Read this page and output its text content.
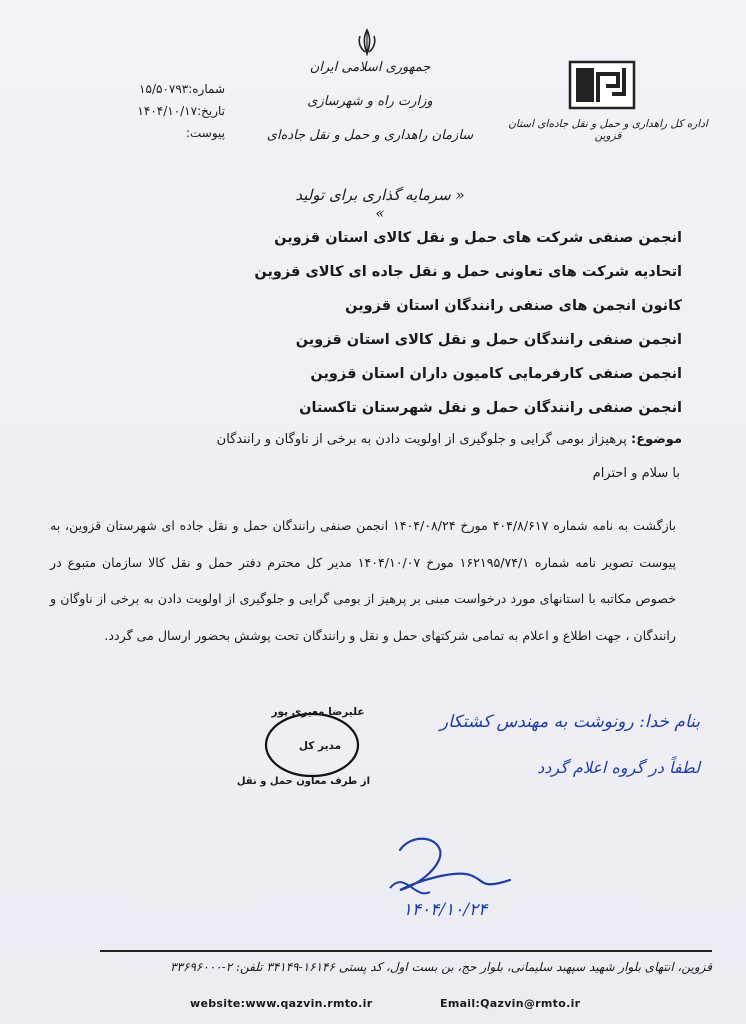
شماره:۱۵/۵۰۷۹۳
تاریخ:۱۴۰۴/۱۰/۱۷
پیوست:
جمهوری اسلامی ایران
وزارت راه و شهرسازی
سازمان راهداری و حمل و نقل جاده‌ای
اداره کل راهداری و حمل و نقل جاده‌ای استان قزوین
« سرمایه گذاری برای تولید »
انجمن صنفی شرکت های حمل و نقل کالای استان قزوین
اتحادیه شرکت های تعاونی حمل و نقل جاده ای کالای قزوین
کانون انجمن های صنفی رانندگان استان قزوین
انجمن صنفی رانندگان حمل و نقل کالای استان قزوین
انجمن صنفی کارفرمایی کامیون داران استان قزوین
انجمن صنفی رانندگان حمل و نقل شهرستان تاکستان
موضوع: پرهیزاز بومی گرایی و جلوگیری از اولویت دادن به برخی از ناوگان و رانندگان
با سلام و احترام
بازگشت به نامه شماره ۴۰۴/۸/۶۱۷ مورخ ۱۴۰۴/۰۸/۲۴ انجمن صنفی رانندگان حمل و نقل جاده ای شهرستان قزوین، به پیوست تصویر نامه شماره ۱۶۲۱۹۵/۷۴/۱ مورخ ۱۴۰۴/۱۰/۰۷ مدیر کل محترم دفتر حمل و نقل کالا سازمان متبوع در خصوص مکاتبه با استانهای مورد درخواست مبنی بر پرهیز از بومی گرایی و جلوگیری از اولویت دادن به برخی از ناوگان و رانندگان ، جهت اطلاع و اعلام به تمامی شرکتهای حمل و نقل و رانندگان تحت پوشش بحضور ارسال می گردد.
علیرضا معیری پور
مدیر کل
از طرف معاون حمل و نقل
بنام خدا: رونوشت به مهندس کشتکار
لطفاً در گروه اعلام گردد
۱۴۰۴/۱۰/۲۴
قزوین، انتهای بلوار شهید سپهبد سلیمانی، بلوار حج، بن بست اول، کد پستی ۱۶۱۴۶-۳۴۱۴۹ تلفن: ۲-۳۳۶۹۶۰۰۰
website:www.qazvin.rmto.ir	Email:Qazvin@rmto.ir
